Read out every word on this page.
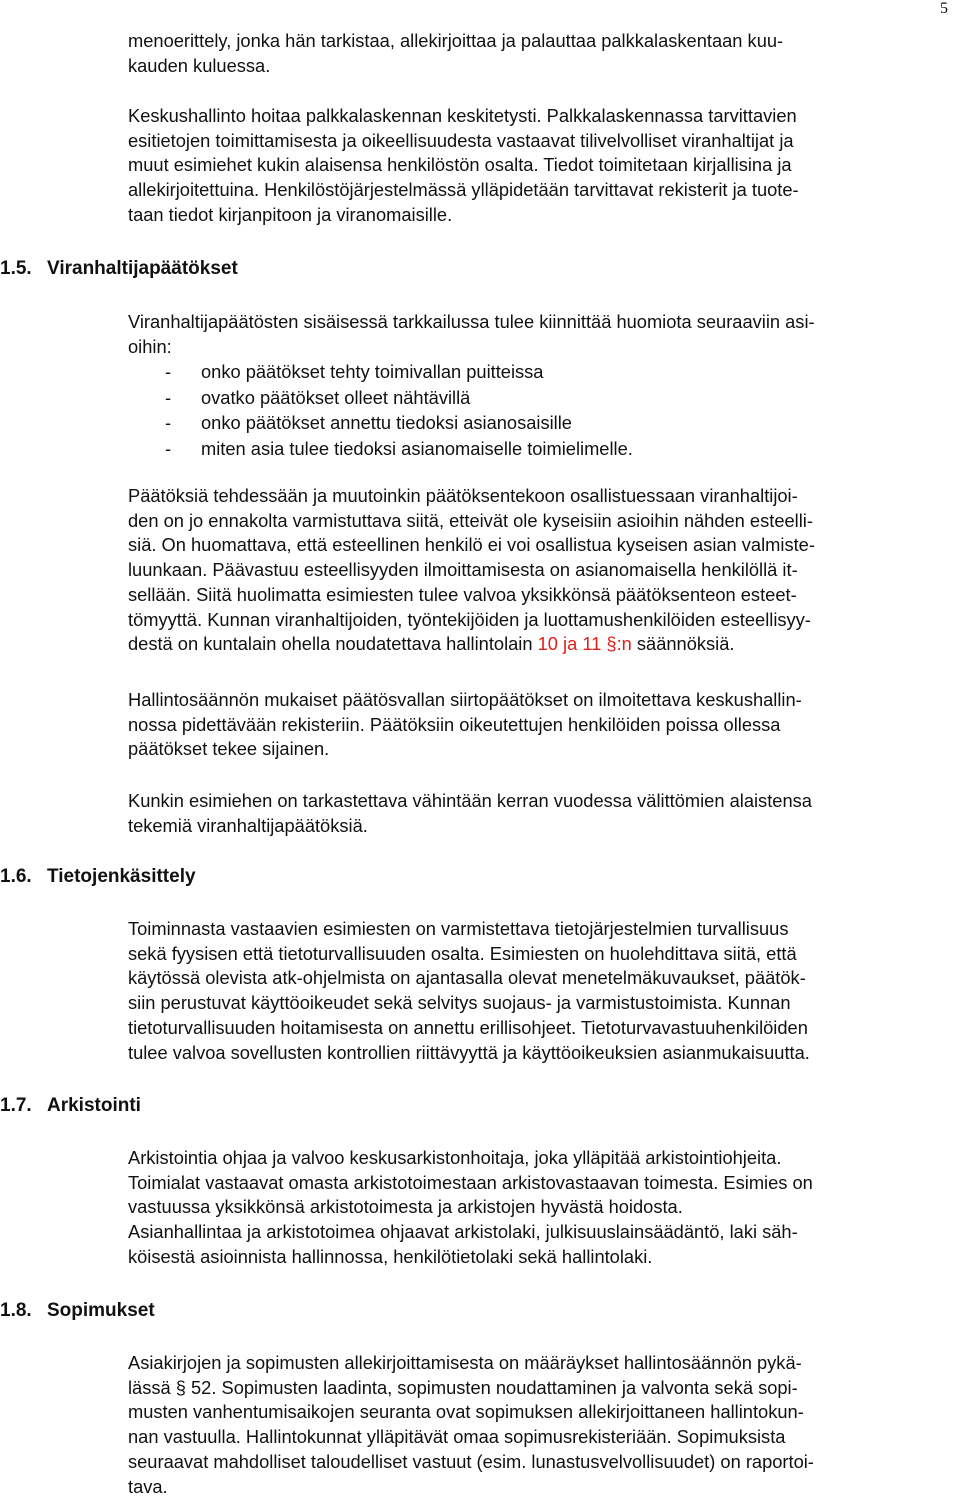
5

menoerittely, jonka hän tarkistaa, allekirjoittaa ja palauttaa palkkalaskentaan kuu-
kauden kuluessa.

Keskushallinto hoitaa palkkalaskennan keskitetysti. Palkkalaskennassa tarvittavien
esitietojen toimittamisesta ja oikeellisuudesta vastaavat tilivelvolliset viranhaltijat ja
muut esimiehet kukin alaisensa henkilöstön osalta. Tiedot toimitetaan kirjallisina ja
allekirjoitettuina. Henkilöstöjärjestelmässä ylläpidetään tarvittavat rekisterit ja tuote-
taan tiedot kirjanpitoon ja viranomaisille.

1.5. Viranhaltijapäätökset
Viranhaltijapäätösten sisäisessä tarkkailussa tulee kiinnittää huomiota seuraaviin asi-
oihin:
- onko päätökset tehty toimivallan puitteissa
- ovatko päätökset olleet nähtävillä
- onko päätökset annettu tiedoksi asianosaisille
- miten asia tulee tiedoksi asianomaiselle toimielimelle.

Päätöksiä tehdessään ja muutoinkin päätöksentekoon osallistuessaan viranhaltijoi-
den on jo ennakolta varmistuttava siitä, etteivät ole kyseisiin asioihin nähden esteelli-
siä. On huomattava, että esteellinen henkilö ei voi osallistua kyseisen asian valmiste-
luunkaan. Päävastuu esteellisyyden ilmoittamisesta on asianomaisella henkilöllä it-
sellään. Siitä huolimatta esimiesten tulee valvoa yksikkönsä päätöksenteon esteet-
tömyyttä. Kunnan viranhaltijoiden, työntekijöiden ja luottamushenkilöiden esteellisyy-
destä on kuntalain ohella noudatettava hallintolain 10 ja 11 §:n säännöksiä.

Hallintosäännön mukaiset päätösvallan siirtopäätökset on ilmoitettava keskushallin-
nossa pidettävään rekisteriin. Päätöksiin oikeutettujen henkilöiden poissa ollessa
päätökset tekee sijainen.

Kunkin esimiehen on tarkastettava vähintään kerran vuodessa välittömien alaistensa
tekemiä viranhaltijapäätöksiä.

1.6. Tietojenkäsittely

Toiminnasta vastaavien esimiesten on varmistettava tietojärjestelmien turvallisuus
sekä fyysisen että tietoturvallisuuden osalta. Esimiesten on huolehdittava siitä, että
käytössä olevista atk-ohjelmista on ajantasalla olevat menetelmäkuvaukset, päätök-
siin perustuvat käyttöoikeudet sekä selvitys suojaus- ja varmistustoimista. Kunnan
tietoturvallisuuden hoitamisesta on annettu erillisohjeet. Tietoturvavastuuhenkilöiden
tulee valvoa sovellusten kontrollien riittävyyttä ja käyttöoikeuksien asianmukaisuutta.

1.7. Arkistointi

Arkistointia ohjaa ja valvoo keskusarkistonhoitaja, joka ylläpitää arkistointiohjeita.
Toimialat vastaavat omasta arkistotoimestaan arkistovastaavan toimesta. Esimies on
vastuussa yksikkönsä arkistotoimesta ja arkistojen hyvästä hoidosta.
Asianhallintaa ja arkistotoimea ohjaavat arkistolaki, julkisuuslainsäädäntö, laki säh-
köisestä asioinnista hallinnossa, henkilötietolaki sekä hallintolaki.

1.8. Sopimukset

Asiakirjojen ja sopimusten allekirjoittamisesta on määräykset hallintosäännön pykä-
lässä § 52. Sopimusten laadinta, sopimusten noudattaminen ja valvonta sekä sopi-
musten vanhentumisaikojen seuranta ovat sopimuksen allekirjoittaneen hallintokun-
nan vastuulla. Hallintokunnat ylläpitävät omaa sopimusrekisteriään. Sopimuksista
seuraavat mahdolliset taloudelliset vastuut (esim. lunastusvelvollisuudet) on raportoi-
tava.
